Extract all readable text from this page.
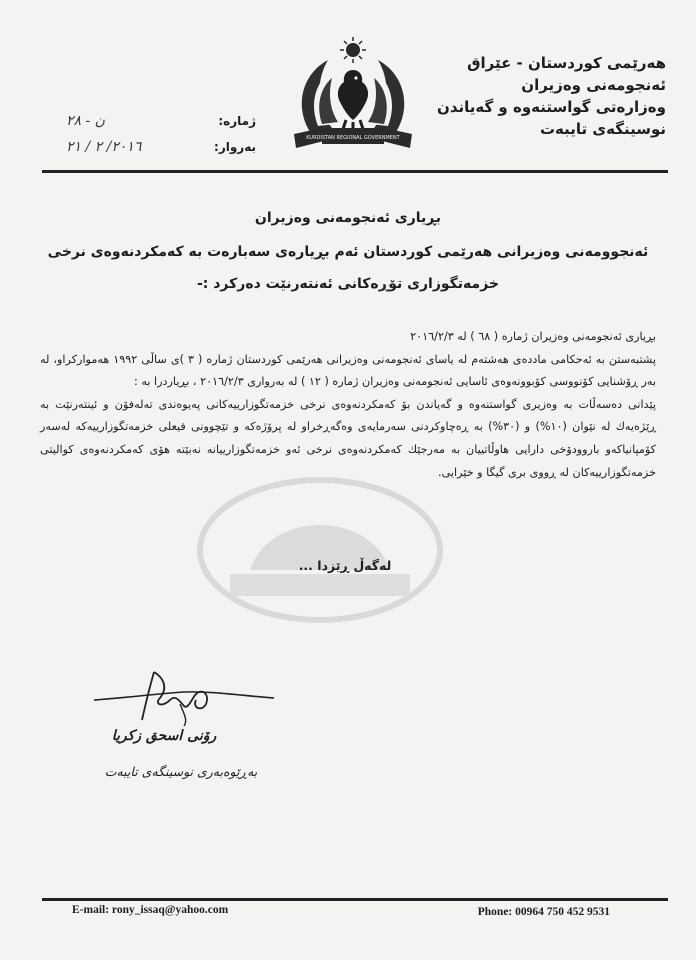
هەرێمی كوردستان - عێراق
ئەنجومەنی وەزیران
وەزارەتی گواستنەوە و گەیاندن
نوسینگەی تایبەت
KURDISTAN REGIONAL GOVERNMENT
ژمارە:
ن - ٢٨
بەروار:
٢٠١٦/ ٢ / ٢١
بڕیاری ئەنجومەنی وەزیران
ئەنجوومەنی وەزیرانی هەرێمی كوردستان ئەم بڕیارەی سەبارەت بە كەمكردنەوەی نرخی خزمەتگوزاری تۆڕەكانی ئەنتەرنێت دەركرد :-

بڕیاری ئەنجومەنی وەزیران ژمارە ( ٦٨ ) لە ٢٠١٦/٢/٣

پشتبەستن بە ئەحكامی ماددەی هەشتەم لە یاسای ئەنجومەنی وەزیرانی هەرێمی كوردستان ژمارە ( ٣ )ی ساڵی ١٩٩٢ هەمواركراو، لە بەر ڕۆشنایی كۆنووسی كۆبوونەوەی ئاسایی ئەنجومەنی وەزیران ژمارە ( ١٢ ) لە بەرواری ٢٠١٦/٢/٣ ، بڕیاردرا بە :

پێدانی دەسەڵات بە وەزیری گواستنەوە و گەیاندن بۆ كەمكردنەوەی نرخی خزمەتگوزارییەكانی پەیوەندی تەلەفۆن و ئینتەرنێت بە ڕێژەیەك لە نێوان (١٠%) و (٣٠%) بە ڕەچاوكردنی سەرمایەی وەگەڕخراو لە پرۆژەكە و تێچوونی فیعلی خزمەتگوزارییەكە لەسەر كۆمپانیاكەو باروودۆخی دارایی هاوڵاتییان بە مەرجێك كەمكردنەوەی نرخی ئەو خزمەتگوزارییانە نەبێتە هۆی كەمكردنەوەی كوالیتی خزمەتگوزارییەكان لە ڕووی بری گیگا و خێرایی.

لەگەڵ ڕێزدا ...
رۆنی اسحق زكریا
بەڕێوەبەری نوسینگەی تایبەت
E-mail: rony_issaq@yahoo.com	Phone: 00964 750 452 9531
